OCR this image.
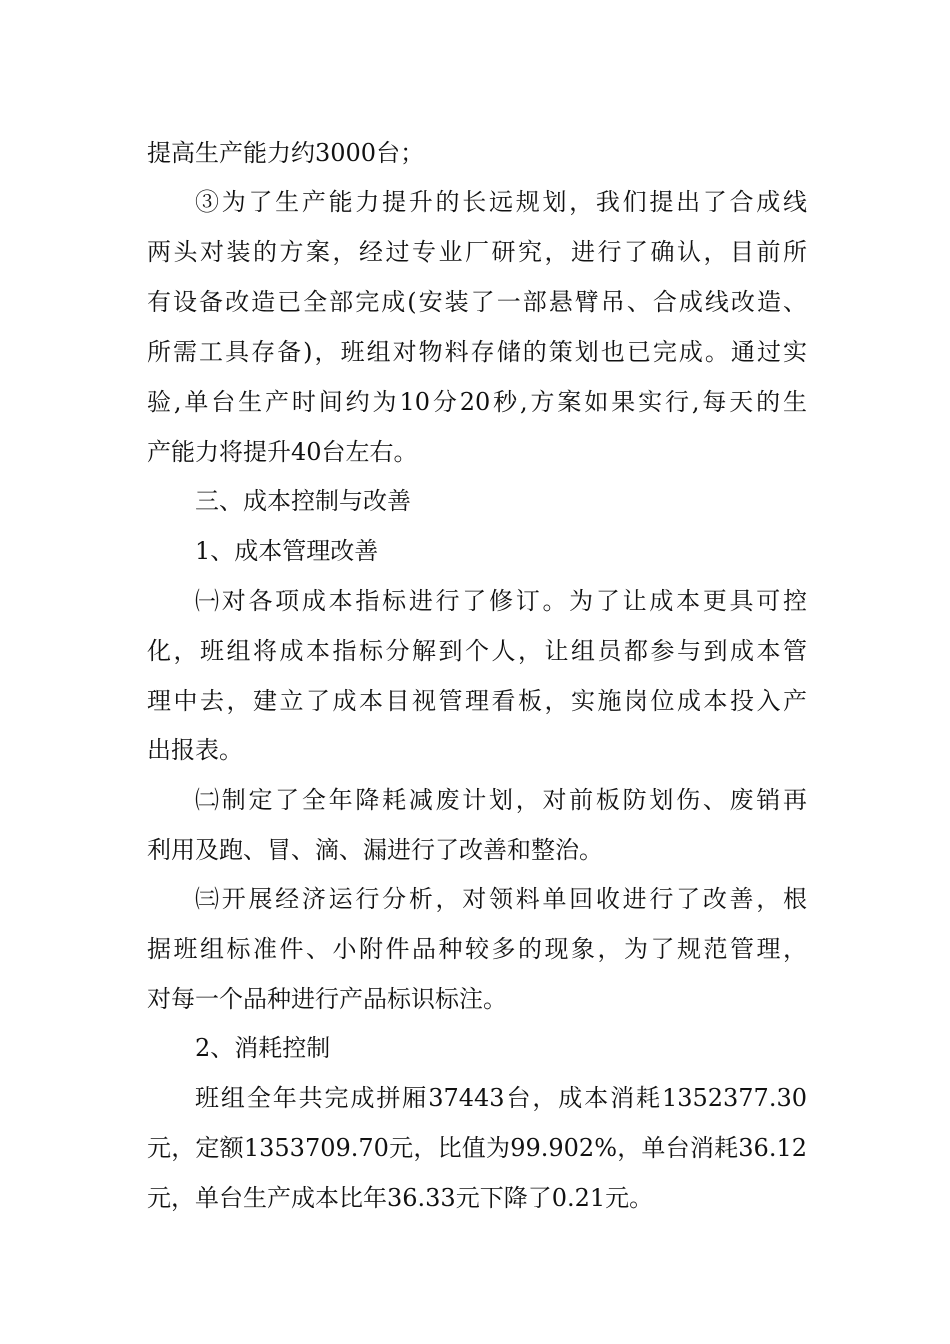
提高生产能力约3000台；
③为了生产能力提升的长远规划，我们提出了合成线
两头对装的方案，经过专业厂研究，进行了确认，目前所
有设备改造已全部完成(安装了一部悬臂吊、合成线改造、
所需工具存备)，班组对物料存储的策划也已完成。通过实
验,单台生产时间约为10分20秒,方案如果实行,每天的生
产能力将提升40台左右。
三、成本控制与改善
1、成本管理改善
㈠对各项成本指标进行了修订。为了让成本更具可控
化，班组将成本指标分解到个人，让组员都参与到成本管
理中去，建立了成本目视管理看板，实施岗位成本投入产
出报表。
㈡制定了全年降耗减废计划，对前板防划伤、废销再
利用及跑、冒、滴、漏进行了改善和整治。
㈢开展经济运行分析，对领料单回收进行了改善，根
据班组标准件、小附件品种较多的现象，为了规范管理，
对每一个品种进行产品标识标注。
2、消耗控制
班组全年共完成拼厢37443台，成本消耗1352377.30
元，定额1353709.70元，比值为99.902%，单台消耗36.12
元，单台生产成本比年36.33元下降了0.21元。
